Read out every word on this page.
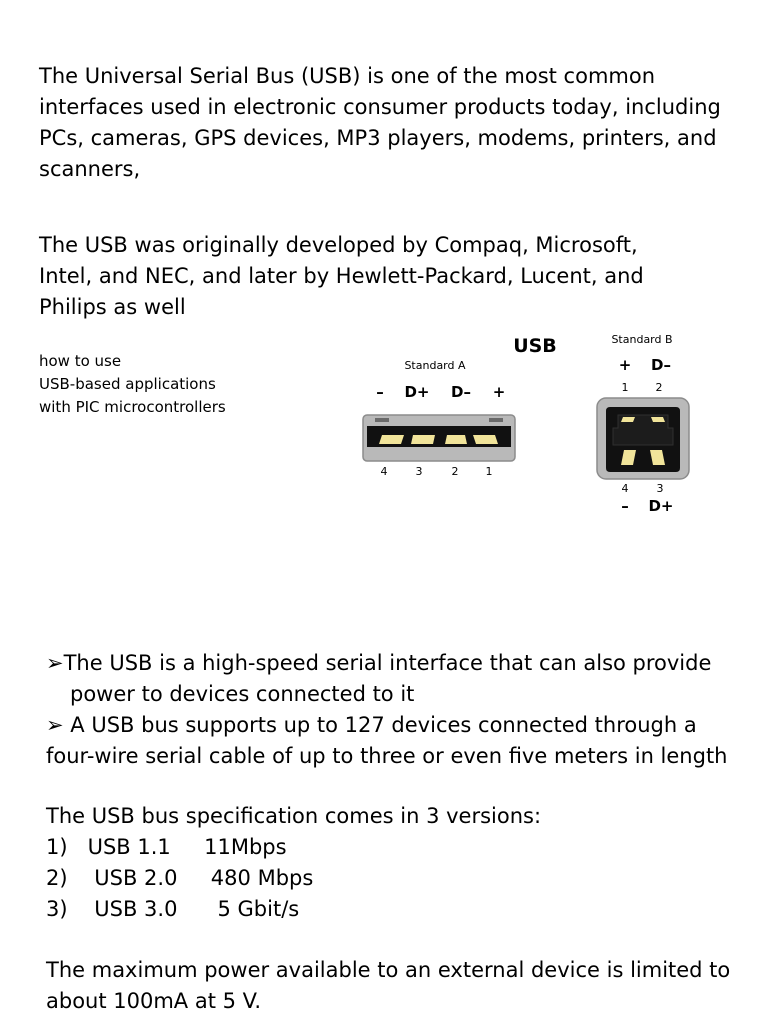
The Universal Serial Bus (USB) is one of the most common
interfaces used in electronic consumer products today, including
PCs, cameras, GPS devices, MP3 players, modems, printers, and
scanners,
The USB was originally developed by Compaq, Microsoft,
Intel, and NEC, and later by Hewlett-Packard, Lucent, and
Philips as well
how to use
USB-based applications
with PIC microcontrollers
USB
Standard A
– D+ D– +
4	3	2 1
Standard B
+ D–
1 2
4	3
– D+
➢The USB is a high-speed serial interface that can also provide
power to devices connected to it
➢ A USB bus supports up to 127 devices connected through a
four-wire serial cable of up to three or even five meters in length
The USB bus specification comes in 3 versions:
1)   USB 1.1     11Mbps
2)    USB 2.0     480 Mbps
3)    USB 3.0      5 Gbit/s
The maximum power available to an external device is limited to
about 100mA at 5 V.
